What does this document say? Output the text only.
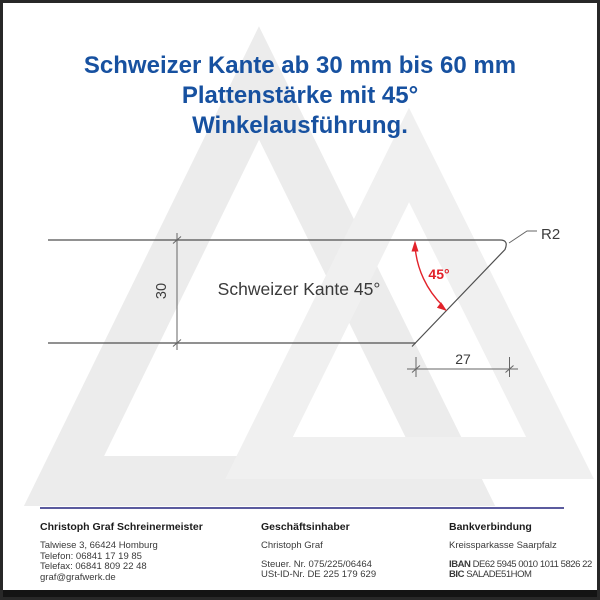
30	Schweizer Kante 45°
45°
R2
27
Schweizer Kante ab 30 mm bis 60 mm
Plattenstärke mit 45°
Winkelausführung.
Christoph Graf Schreinermeister
Talwiese 3, 66424 Homburg
Telefon: 06841 17 19 85
Telefax: 06841 809 22 48
graf@grafwerk.de
Geschäftsinhaber
Christoph Graf
Steuer. Nr. 075/225/06464
USt-ID-Nr. DE 225 179 629
Bankverbindung
Kreissparkasse Saarpfalz
IBAN DE62 5945 0010 1011 5826 22
BIC SALADE51HOM
